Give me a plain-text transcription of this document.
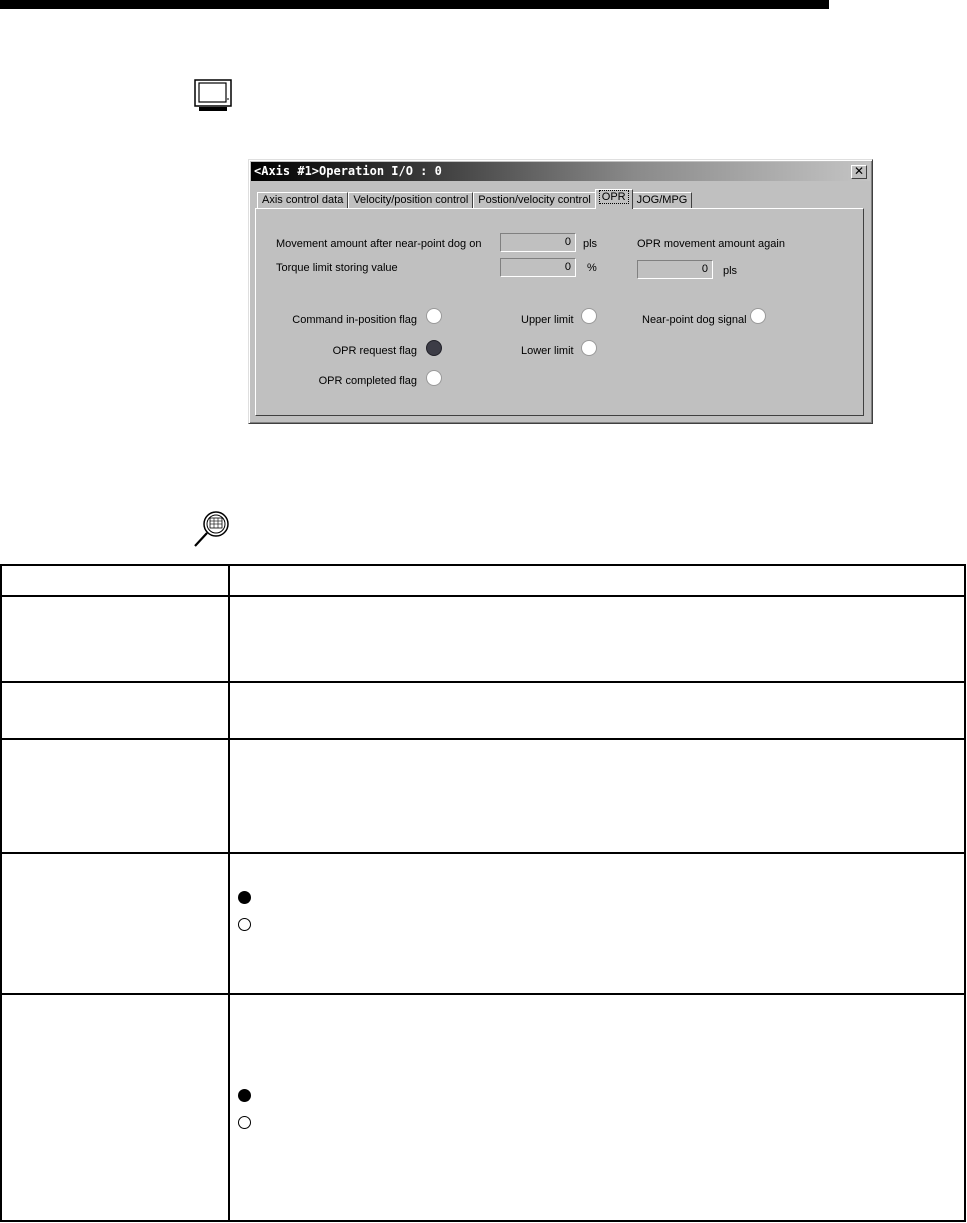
<Axis #1>Operation I/O : 0	✕
Axis control data Velocity/position control Postion/velocity control	OPR	JOG/MPG
Movement amount after near-point dog on	0	pls
Torque limit storing value	0	%
OPR movement amount again
0	pls
Command in-position flag
OPR request flag
OPR completed flag
Upper limit
Lower limit
Near-point dog signal
